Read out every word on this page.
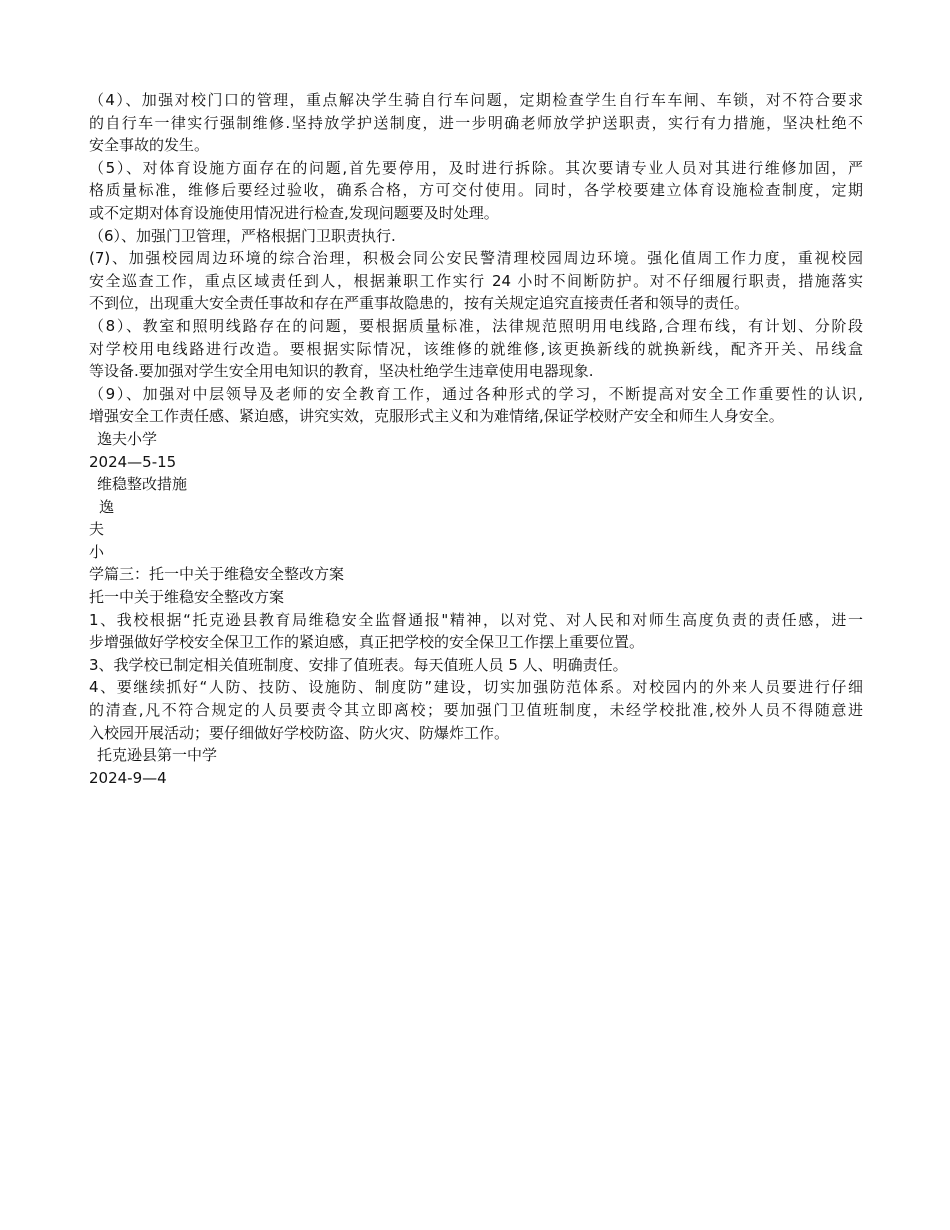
（4）、加强对校门口的管理，重点解决学生骑自行车问题，定期检查学生自行车车闸、车锁，对不符合要求
的自行车一律实行强制维修.坚持放学护送制度，进一步明确老师放学护送职责，实行有力措施，坚决杜绝不
安全事故的发生。
（5）、对体育设施方面存在的问题,首先要停用，及时进行拆除。其次要请专业人员对其进行维修加固，严
格质量标准，维修后要经过验收，确系合格，方可交付使用。同时，各学校要建立体育设施检查制度，定期
或不定期对体育设施使用情况进行检查,发现问题要及时处理。
（6）、加强门卫管理，严格根据门卫职责执行.
(7)、加强校园周边环境的综合治理，积极会同公安民警清理校园周边环境。强化值周工作力度，重视校园
安全巡查工作，重点区域责任到人，根据兼职工作实行 24 小时不间断防护。对不仔细履行职责，措施落实
不到位，出现重大安全责任事故和存在严重事故隐患的，按有关规定追究直接责任者和领导的责任。
（8）、教室和照明线路存在的问题，要根据质量标准，法律规范照明用电线路,合理布线，有计划、分阶段
对学校用电线路进行改造。要根据实际情况，该维修的就维修,该更换新线的就换新线，配齐开关、吊线盒
等设备.要加强对学生安全用电知识的教育，坚决杜绝学生违章使用电器现象.
（9）、加强对中层领导及老师的安全教育工作，通过各种形式的学习，不断提高对安全工作重要性的认识,
增强安全工作责任感、紧迫感，讲究实效，克服形式主义和为难情绪,保证学校财产安全和师生人身安全。
逸夫小学
2024—5-15
维稳整改措施
逸
夫
小
学篇三：托一中关于维稳安全整改方案
托一中关于维稳安全整改方案
1、我校根据“托克逊县教育局维稳安全监督通报"精神，以对党、对人民和对师生高度负责的责任感，进一
步增强做好学校安全保卫工作的紧迫感，真正把学校的安全保卫工作摆上重要位置。
3、我学校已制定相关值班制度、安排了值班表。每天值班人员 5 人、明确责任。
4、要继续抓好“人防、技防、设施防、制度防”建设，切实加强防范体系。对校园内的外来人员要进行仔细
的清查,凡不符合规定的人员要责令其立即离校；要加强门卫值班制度，未经学校批准,校外人员不得随意进
入校园开展活动；要仔细做好学校防盗、防火灾、防爆炸工作。
托克逊县第一中学
2024-9—4
